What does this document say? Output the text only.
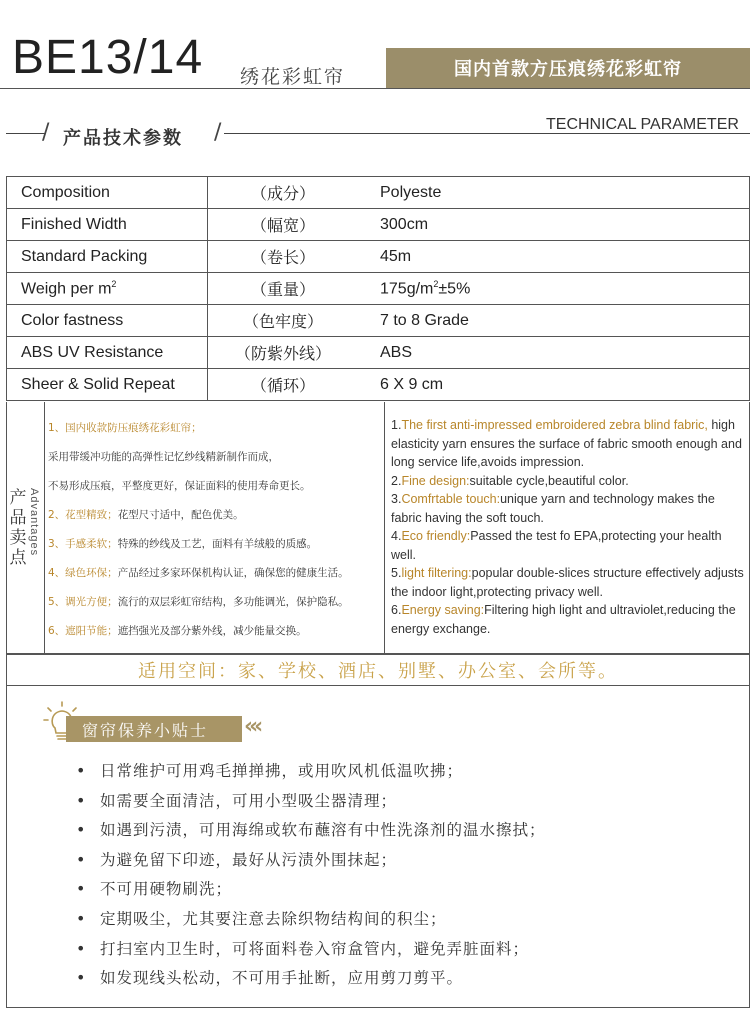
BE13/14 绣花彩虹帘	国内首款方压痕绣花彩虹帘
/ 产品技术参数 /	TECHNICAL PARAMETER
Composition	（成分）	Polyeste
Finished Width	（幅宽）	300cm
Standard Packing	（卷长）	45m
Weigh per $m^2$	（重量）	$175g/m^2\pm 5\%$
Color fastness	（色牢度）	7 to 8 Grade
ABS UV Resistance	（防紫外线）	ABS
Sheer & Solid Repeat	（循环）	6 X 9 cm
产品卖点
Advantages
1、国内收款防压痕绣花彩虹帘；
采用带缓冲功能的高弹性记忆纱线精新制作而成，
不易形成压痕，平整度更好，保证面料的使用寿命更长。
2、花型精致；花型尺寸适中，配色优美。
3、手感柔软；特殊的纱线及工艺，面料有羊绒般的质感。
4、绿色环保；产品经过多家环保机构认证，确保您的健康生活。
5、调光方便；流行的双层彩虹帘结构，多功能调光，保护隐私。
6、遮阳节能；遮挡强光及部分紫外线，减少能量交换。

1.The first anti-impressed embroidered zebra blind fabric, high elasticity yarn ensures the surface of fabric smooth enough and long service life,avoids impression.

2.Fine design:suitable cycle,beautiful color.

3.Comfrtable touch:unique yarn and technology makes the fabric having the soft touch.

4.Eco friendly:Passed the test fo EPA,protecting your health well.

5.light filtering:popular double-slices structure effectively adjusts the indoor light,protecting privacy well.

6.Energy saving:Filtering high light and ultraviolet,reducing the energy exchange.

适用空间：家、学校、酒店、别墅、办公室、会所等。
窗帘保养小贴士	‹‹‹
• 日常维护可用鸡毛掸掸拂，或用吹风机低温吹拂；
• 如需要全面清洁，可用小型吸尘器清理；
• 如遇到污渍，可用海绵或软布蘸溶有中性洗涤剂的温水擦拭；
• 为避免留下印迹，最好从污渍外围抹起；
• 不可用硬物刷洗；
• 定期吸尘，尤其要注意去除织物结构间的积尘；
• 打扫室内卫生时，可将面料卷入帘盒管内，避免弄脏面料；
• 如发现线头松动，不可用手扯断，应用剪刀剪平。
